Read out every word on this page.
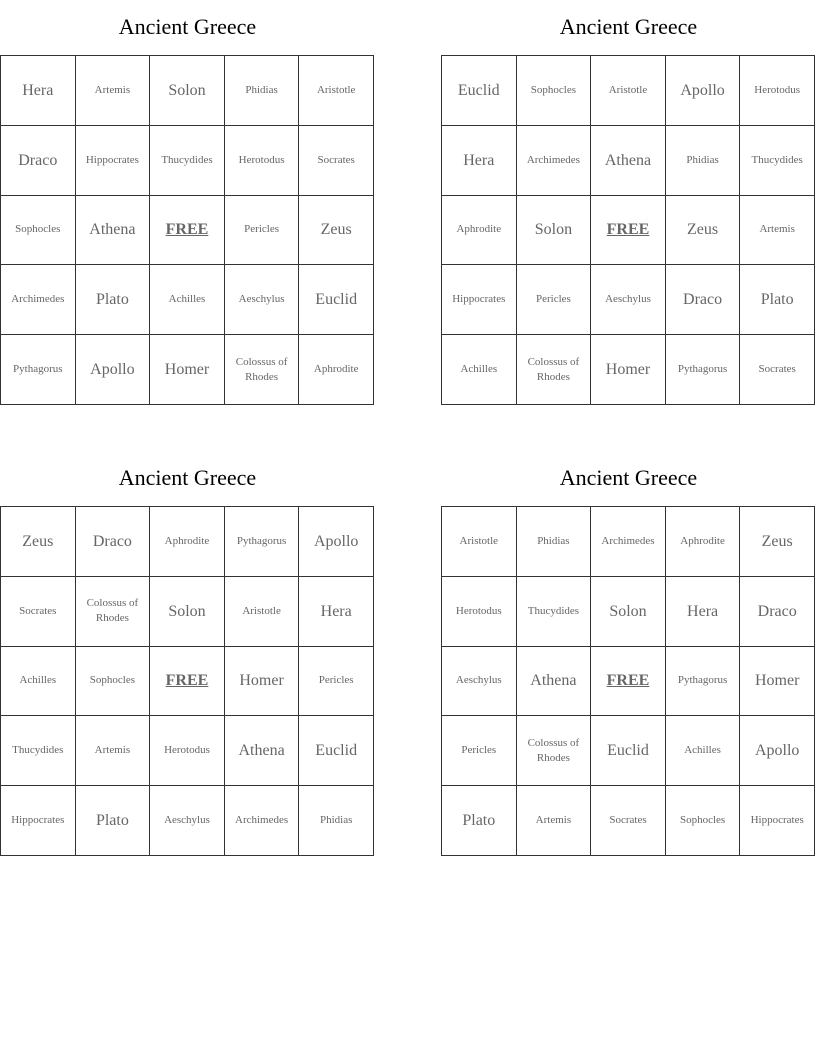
Ancient Greece
Hera	Artemis	Solon	Phidias	Aristotle
Draco	Hippocrates	Thucydides	Herotodus	Socrates
Sophocles	Athena	FREE	Pericles	Zeus
Archimedes	Plato	Achilles	Aeschylus	Euclid
Pythagorus	Apollo	Homer	Colossus of Rhodes	Aphrodite
Ancient Greece
Euclid	Sophocles	Aristotle	Apollo	Herotodus
Hera	Archimedes	Athena	Phidias	Thucydides
Aphrodite	Solon	FREE	Zeus	Artemis
Hippocrates	Pericles	Aeschylus	Draco	Plato
Achilles	Colossus of Rhodes	Homer	Pythagorus	Socrates
Ancient Greece
Zeus	Draco	Aphrodite	Pythagorus	Apollo
Socrates	Colossus of Rhodes	Solon	Aristotle	Hera
Achilles	Sophocles	FREE	Homer	Pericles
Thucydides	Artemis	Herotodus	Athena	Euclid
Hippocrates	Plato	Aeschylus	Archimedes	Phidias
Ancient Greece
Aristotle	Phidias	Archimedes	Aphrodite	Zeus
Herotodus	Thucydides	Solon	Hera	Draco
Aeschylus	Athena	FREE	Pythagorus	Homer
Pericles	Colossus of Rhodes	Euclid	Achilles	Apollo
Plato	Artemis	Socrates	Sophocles	Hippocrates
